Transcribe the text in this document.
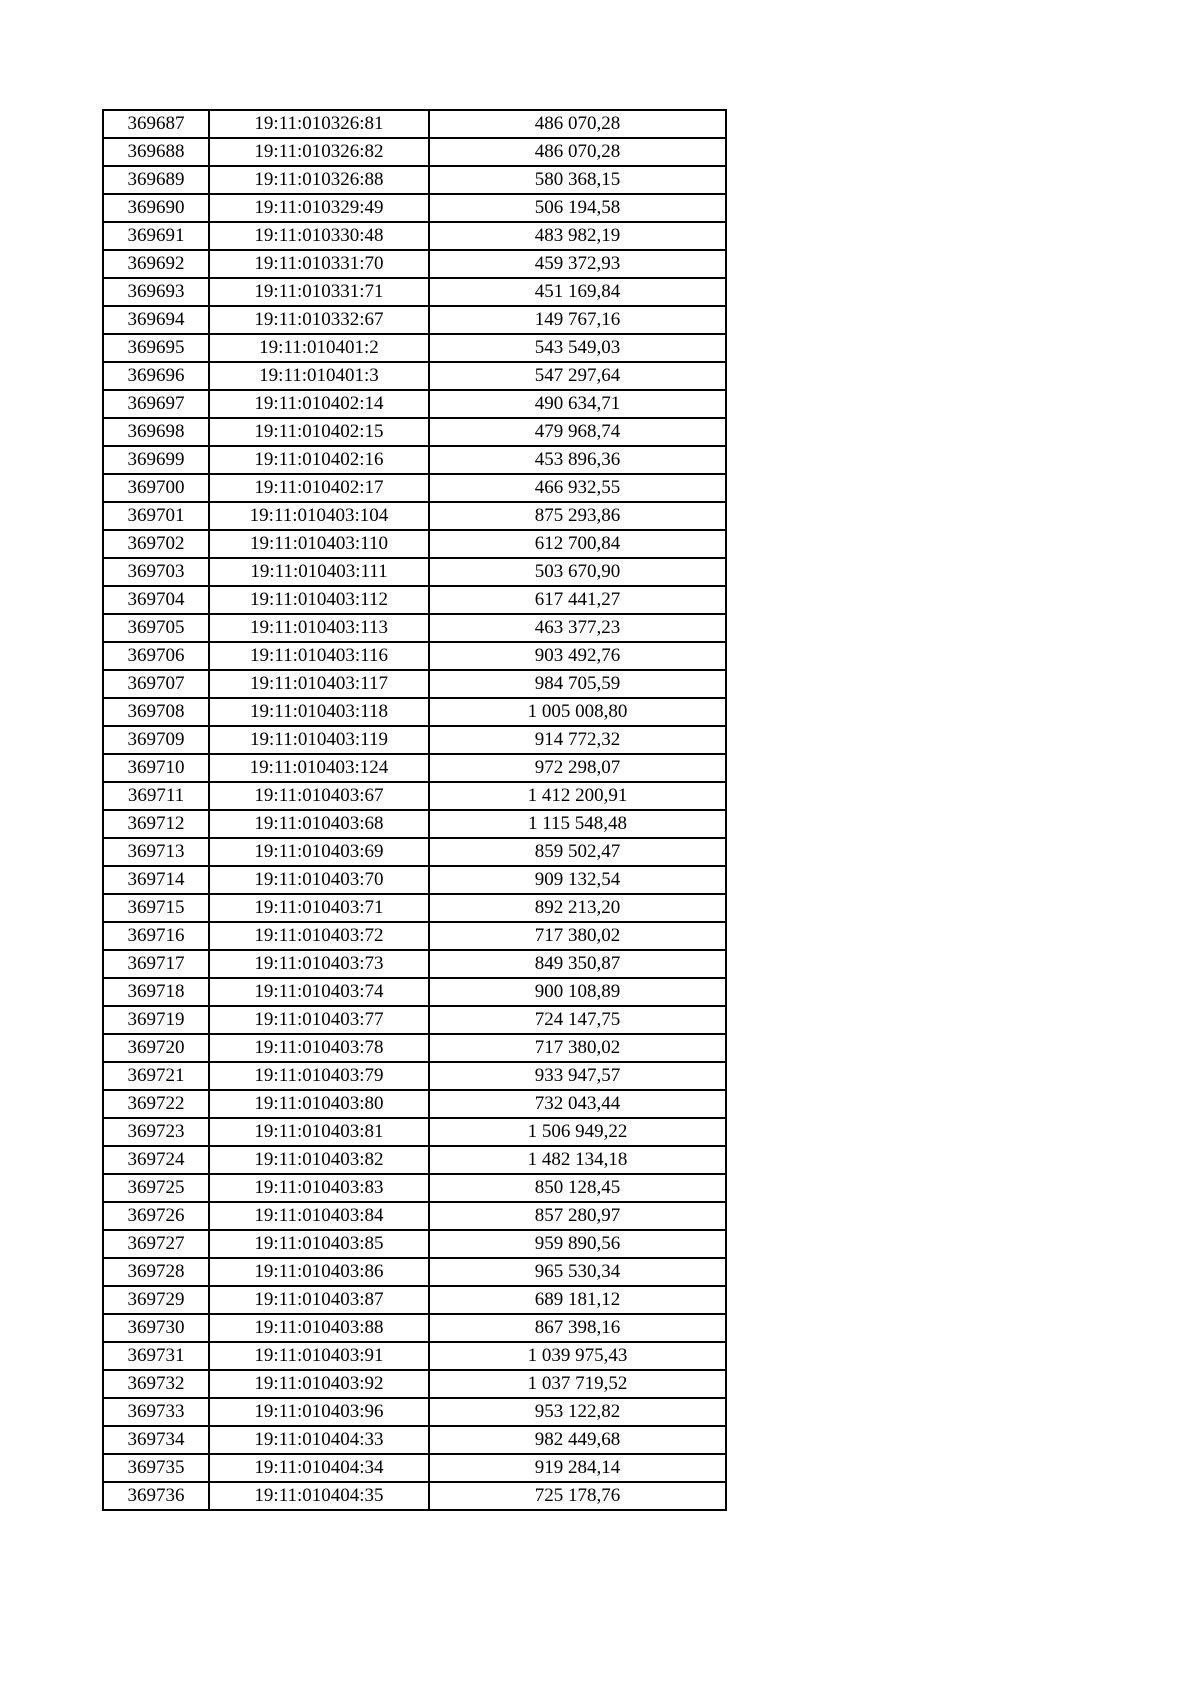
369687	19:11:010326:81	486 070,28
369688	19:11:010326:82	486 070,28
369689	19:11:010326:88	580 368,15
369690	19:11:010329:49	506 194,58
369691	19:11:010330:48	483 982,19
369692	19:11:010331:70	459 372,93
369693	19:11:010331:71	451 169,84
369694	19:11:010332:67	149 767,16
369695	19:11:010401:2	543 549,03
369696	19:11:010401:3	547 297,64
369697	19:11:010402:14	490 634,71
369698	19:11:010402:15	479 968,74
369699	19:11:010402:16	453 896,36
369700	19:11:010402:17	466 932,55
369701	19:11:010403:104	875 293,86
369702	19:11:010403:110	612 700,84
369703	19:11:010403:111	503 670,90
369704	19:11:010403:112	617 441,27
369705	19:11:010403:113	463 377,23
369706	19:11:010403:116	903 492,76
369707	19:11:010403:117	984 705,59
369708	19:11:010403:118	1 005 008,80
369709	19:11:010403:119	914 772,32
369710	19:11:010403:124	972 298,07
369711	19:11:010403:67	1 412 200,91
369712	19:11:010403:68	1 115 548,48
369713	19:11:010403:69	859 502,47
369714	19:11:010403:70	909 132,54
369715	19:11:010403:71	892 213,20
369716	19:11:010403:72	717 380,02
369717	19:11:010403:73	849 350,87
369718	19:11:010403:74	900 108,89
369719	19:11:010403:77	724 147,75
369720	19:11:010403:78	717 380,02
369721	19:11:010403:79	933 947,57
369722	19:11:010403:80	732 043,44
369723	19:11:010403:81	1 506 949,22
369724	19:11:010403:82	1 482 134,18
369725	19:11:010403:83	850 128,45
369726	19:11:010403:84	857 280,97
369727	19:11:010403:85	959 890,56
369728	19:11:010403:86	965 530,34
369729	19:11:010403:87	689 181,12
369730	19:11:010403:88	867 398,16
369731	19:11:010403:91	1 039 975,43
369732	19:11:010403:92	1 037 719,52
369733	19:11:010403:96	953 122,82
369734	19:11:010404:33	982 449,68
369735	19:11:010404:34	919 284,14
369736	19:11:010404:35	725 178,76
